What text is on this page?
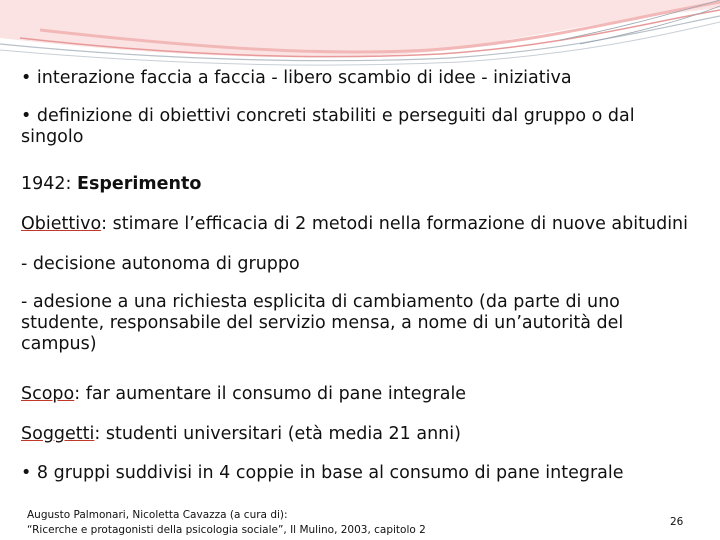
• interazione faccia a faccia - libero scambio di idee - iniziativa

• definizione di obiettivi concreti stabiliti e perseguiti dal gruppo o dal singolo

1942: Esperimento

Obiettivo: stimare l’efficacia di 2 metodi nella formazione di nuove abitudini

- decisione autonoma di gruppo

- adesione a una richiesta esplicita di cambiamento (da parte di uno studente, responsabile del servizio mensa, a nome di un’autorità del campus)

Scopo: far aumentare il consumo di pane integrale

Soggetti: studenti universitari (età media 21 anni)

• 8 gruppi suddivisi in 4 coppie in base al consumo di pane integrale

Augusto Palmonari, Nicoletta Cavazza (a cura di):
“Ricerche e protagonisti della psicologia sociale”, Il Mulino, 2003, capitolo 2
26
